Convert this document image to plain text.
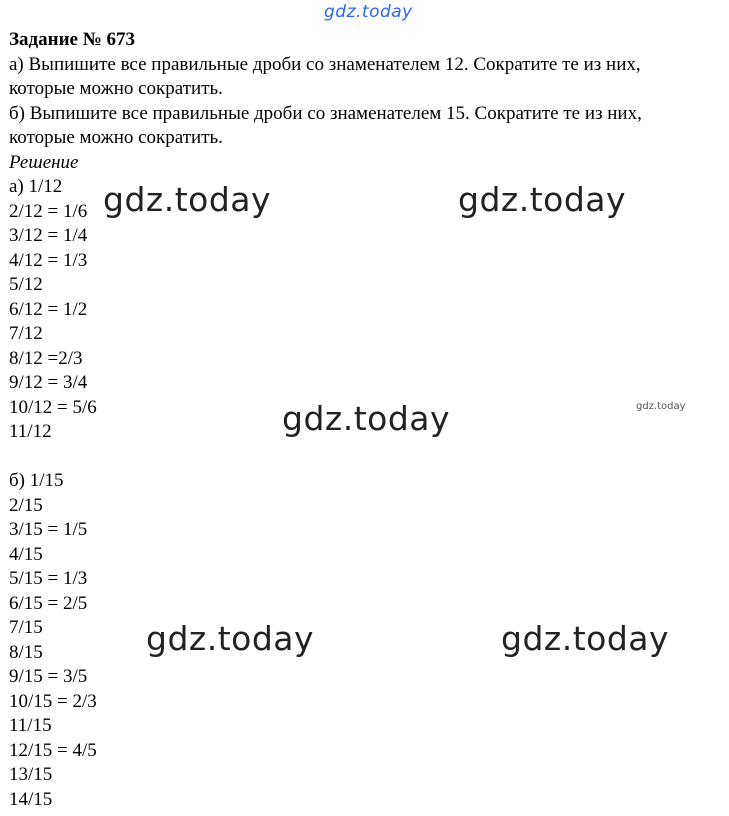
gdz.today
Задание № 673
а) Выпишите все правильные дроби со знаменателем 12. Сократите те из них,
которые можно сократить.
б) Выпишите все правильные дроби со знаменателем 15. Сократите те из них,
которые можно сократить.
Решение
а) 1/12
2/12 = 1/6
3/12 = 1/4
4/12 = 1/3
5/12
6/12 = 1/2
7/12
8/12 =2/3
9/12 = 3/4
10/12 = 5/6
11/12
б) 1/15
2/15
3/15 = 1/5
4/15
5/15 = 1/3
6/15 = 2/5
7/15
8/15
9/15 = 3/5
10/15 = 2/3
11/15
12/15 = 4/5
13/15
14/15
gdz.today	gdz.today
gdz.today
gdz.today	gdz.today
gdz.today
